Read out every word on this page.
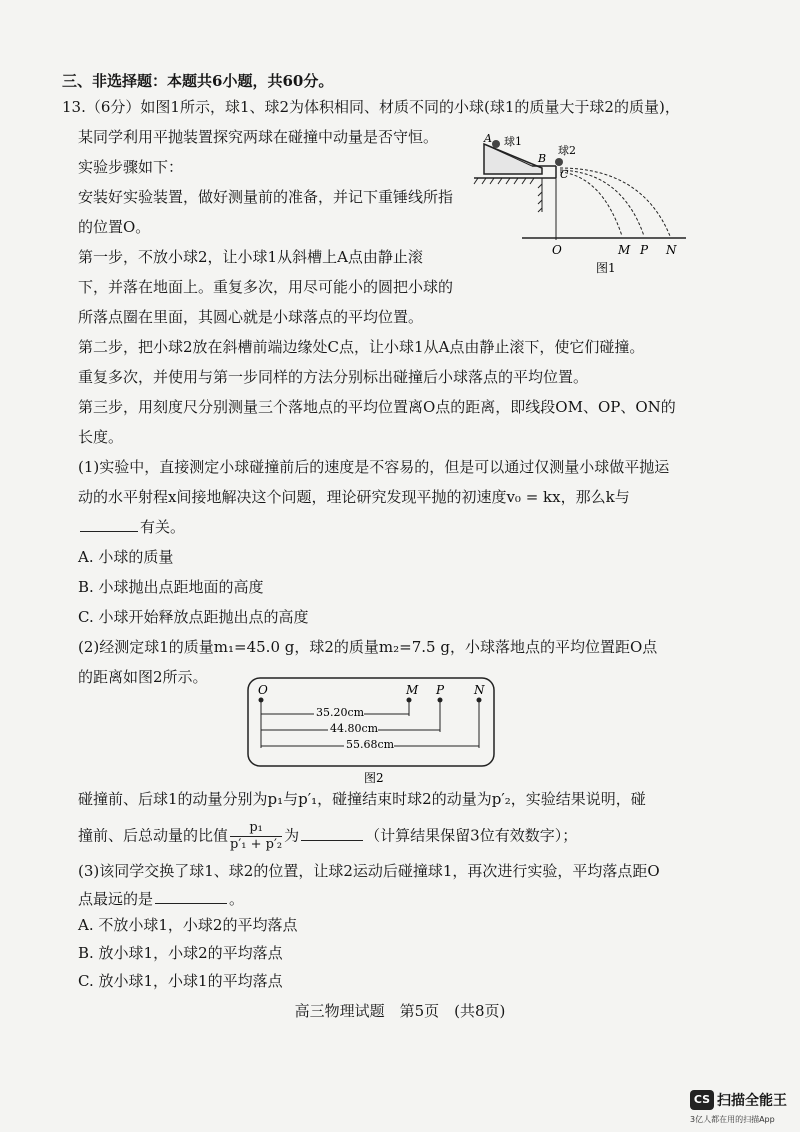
三、非选择题：本题共6小题，共60分。
13.（6分）如图1所示，球1、球2为体积相同、材质不同的小球(球1的质量大于球2的质量)，
某同学利用平抛装置探究两球在碰撞中动量是否守恒。
实验步骤如下：
安装好实验装置，做好测量前的准备，并记下重锤线所指
的位置O。
第一步，不放小球2，让小球1从斜槽上A点由静止滚
下，并落在地面上。重复多次，用尽可能小的圆把小球的
所落点圈在里面，其圆心就是小球落点的平均位置。
第二步，把小球2放在斜槽前端边缘处C点，让小球1从A点由静止滚下，使它们碰撞。
重复多次，并使用与第一步同样的方法分别标出碰撞后小球落点的平均位置。
第三步，用刻度尺分别测量三个落地点的平均位置离O点的距离，即线段OM、OP、ON的
长度。
(1)实验中，直接测定小球碰撞前后的速度是不容易的，但是可以通过仅测量小球做平抛运
动的水平射程x间接地解决这个问题，理论研究发现平抛的初速度v₀ = kx，那么k与
有关。
A. 小球的质量
B. 小球抛出点距地面的高度
C. 小球开始释放点距抛出点的高度
(2)经测定球1的质量m₁=45.0 g，球2的质量m₂=7.5 g，小球落地点的平均位置距O点
的距离如图2所示。
O	M P N
35.20cm
44.80cm
55.68cm
图2
碰撞前、后球1的动量分别为p₁与p′₁，碰撞结束时球2的动量为p′₂，实验结果说明，碰
撞前、后总动量的比值 $\frac{\text{p₁}}{\text{p′₁ + p′₂}}$ 为	（计算结果保留3位有效数字）；
(3)该同学交换了球1、球2的位置，让球2运动后碰撞球1，再次进行实验，平均落点距O
点最远的是	。
A. 不放小球1，小球2的平均落点
B. 放小球1，小球2的平均落点
C. 放小球1，小球1的平均落点
A 球1
B
球2
C
O	M P N
图1
高三物理试题　第5页　(共8页)
CS 扫描全能王
3亿人都在用的扫描App
